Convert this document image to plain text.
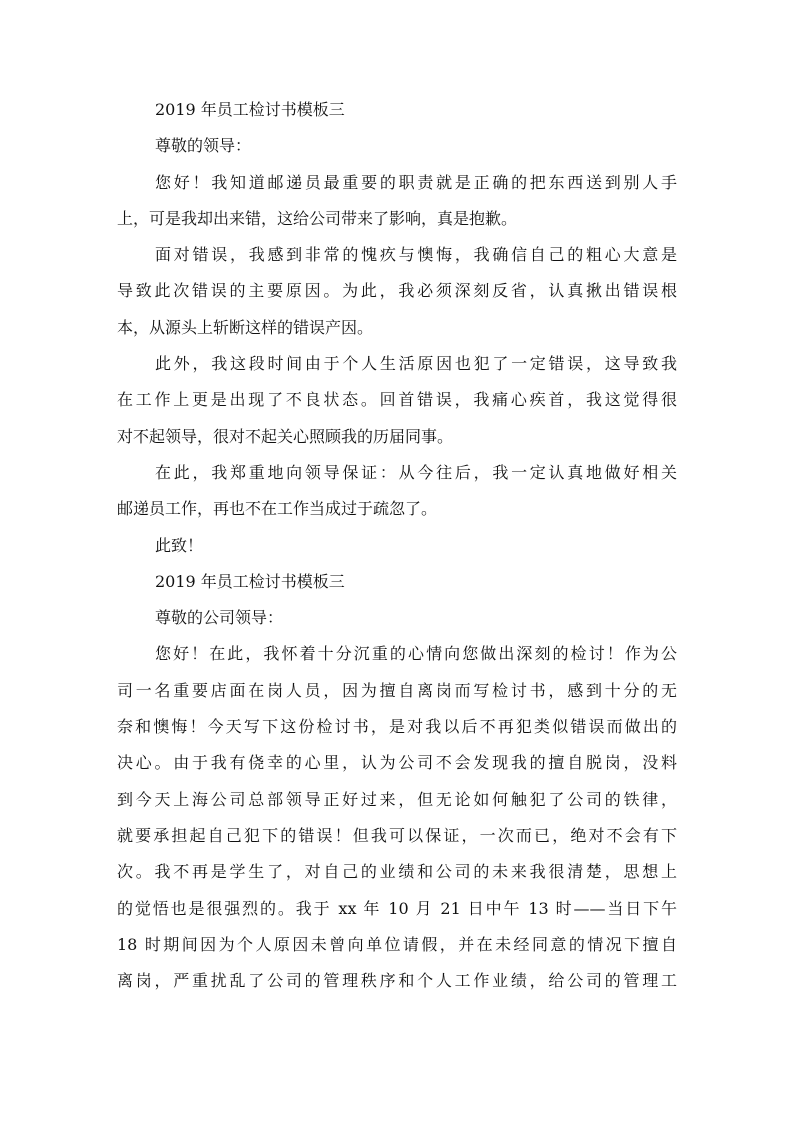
2019 年员工检讨书模板三
尊敬的领导：
您好！我知道邮递员最重要的职责就是正确的把东西送到别人手
上，可是我却出来错，这给公司带来了影响，真是抱歉。
面对错误，我感到非常的愧疚与懊悔，我确信自己的粗心大意是
导致此次错误的主要原因。为此，我必须深刻反省，认真揪出错误根
本，从源头上斩断这样的错误产因。
此外，我这段时间由于个人生活原因也犯了一定错误，这导致我
在工作上更是出现了不良状态。回首错误，我痛心疾首，我这觉得很
对不起领导，很对不起关心照顾我的历届同事。
在此，我郑重地向领导保证：从今往后，我一定认真地做好相关
邮递员工作，再也不在工作当成过于疏忽了。
此致！
2019 年员工检讨书模板三
尊敬的公司领导：
您好！在此，我怀着十分沉重的心情向您做出深刻的检讨！作为公
司一名重要店面在岗人员，因为擅自离岗而写检讨书，感到十分的无
奈和懊悔！今天写下这份检讨书，是对我以后不再犯类似错误而做出的
决心。由于我有侥幸的心里，认为公司不会发现我的擅自脱岗，没料
到今天上海公司总部领导正好过来，但无论如何触犯了公司的铁律，
就要承担起自己犯下的错误！但我可以保证，一次而已，绝对不会有下
次。我不再是学生了，对自己的业绩和公司的未来我很清楚，思想上
的觉悟也是很强烈的。我于 xx 年 10 月 21 日中午 13 时——当日下午
18 时期间因为个人原因未曾向单位请假，并在未经同意的情况下擅自
离岗，严重扰乱了公司的管理秩序和个人工作业绩，给公司的管理工
